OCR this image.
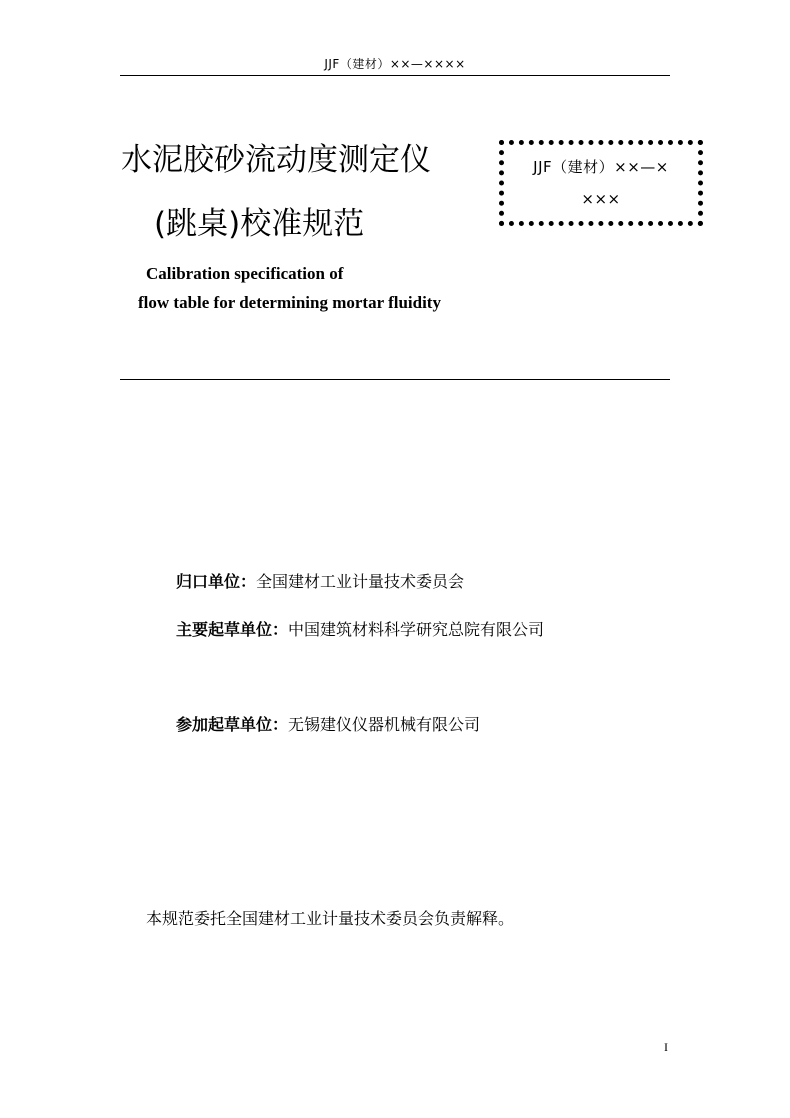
JJF（建材）××—××××
水泥胶砂流动度测定仪
(跳桌)校准规范
JJF（建材）××—×
×××
Calibration specification of
flow table for determining mortar fluidity
归口单位：全国建材工业计量技术委员会
主要起草单位：中国建筑材料科学研究总院有限公司
参加起草单位：无锡建仪仪器机械有限公司
本规范委托全国建材工业计量技术委员会负责解释。
I
